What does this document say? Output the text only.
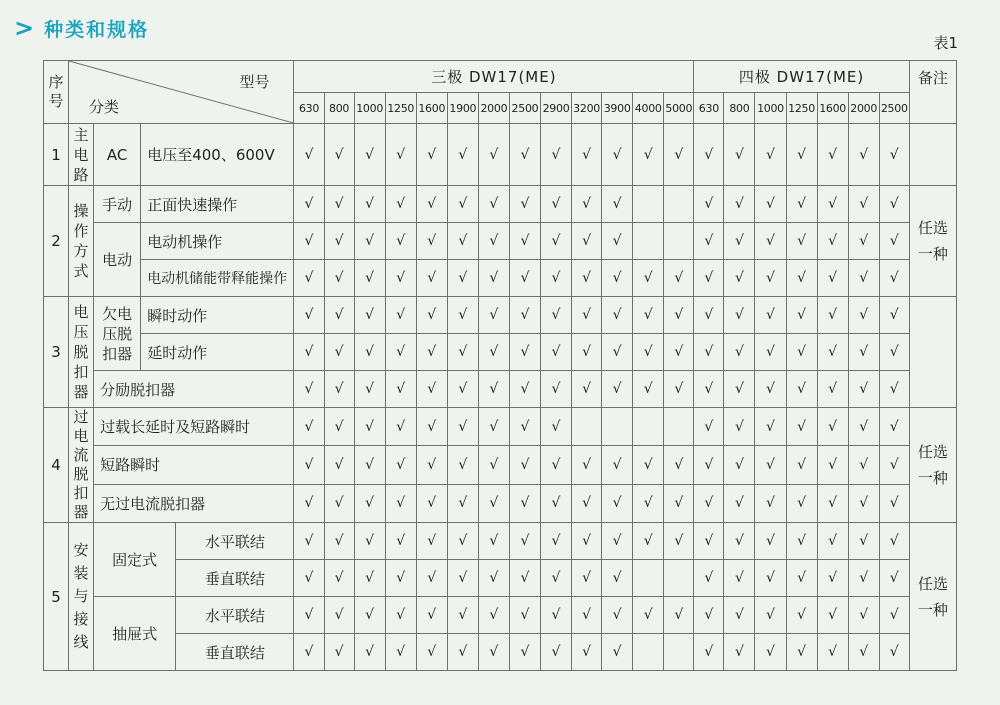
> 种类和规格
表1
序号	型号
分类				三极 DW17(ME)													四极 DW17(ME)							备注
					630	800	1000	1250	1600	1900	2000	2500	2900	3200	3900	4000	5000	630	800	1000	1250	1600	2000	2500	
1	主电路	AC	电压至400、600V		√	√	√	√	√	√	√	√	√	√	√	√	√	√	√	√	√	√	√	√	
2	操作方式	手动	正面快速操作		√	√	√	√	√	√	√	√	√	√	√			√	√	√	√	√	√	√	任选一种
		电动	电动机操作		√	√	√	√	√	√	√	√	√	√	√			√	√	√	√	√	√	√	
			电动机储能带释能操作		√	√	√	√	√	√	√	√	√	√	√	√	√	√	√	√	√	√	√	√	
3	电压脱扣器	欠电压脱扣器	瞬时动作		√	√	√	√	√	√	√	√	√	√	√	√	√	√	√	√	√	√	√	√	
			延时动作		√	√	√	√	√	√	√	√	√	√	√	√	√	√	√	√	√	√	√	√	
		分励脱扣器			√	√	√	√	√	√	√	√	√	√	√	√	√	√	√	√	√	√	√	√	
4	过电流脱扣器	过载长延时及短路瞬时			√	√	√	√	√	√	√	√	√					√	√	√	√	√	√	√	任选一种
		短路瞬时			√	√	√	√	√	√	√	√	√	√	√	√	√	√	√	√	√	√	√	√	
		无过电流脱扣器			√	√	√	√	√	√	√	√	√	√	√	√	√	√	√	√	√	√	√	√	
5	安装与接线	固定式		水平联结	√	√	√	√	√	√	√	√	√	√	√	√	√	√	√	√	√	√	√	√	任选一种
				垂直联结	√	√	√	√	√	√	√	√	√	√	√			√	√	√	√	√	√	√	
		抽屉式		水平联结	√	√	√	√	√	√	√	√	√	√	√	√	√	√	√	√	√	√	√	√	
				垂直联结	√	√	√	√	√	√	√	√	√	√	√			√	√	√	√	√	√	√	
